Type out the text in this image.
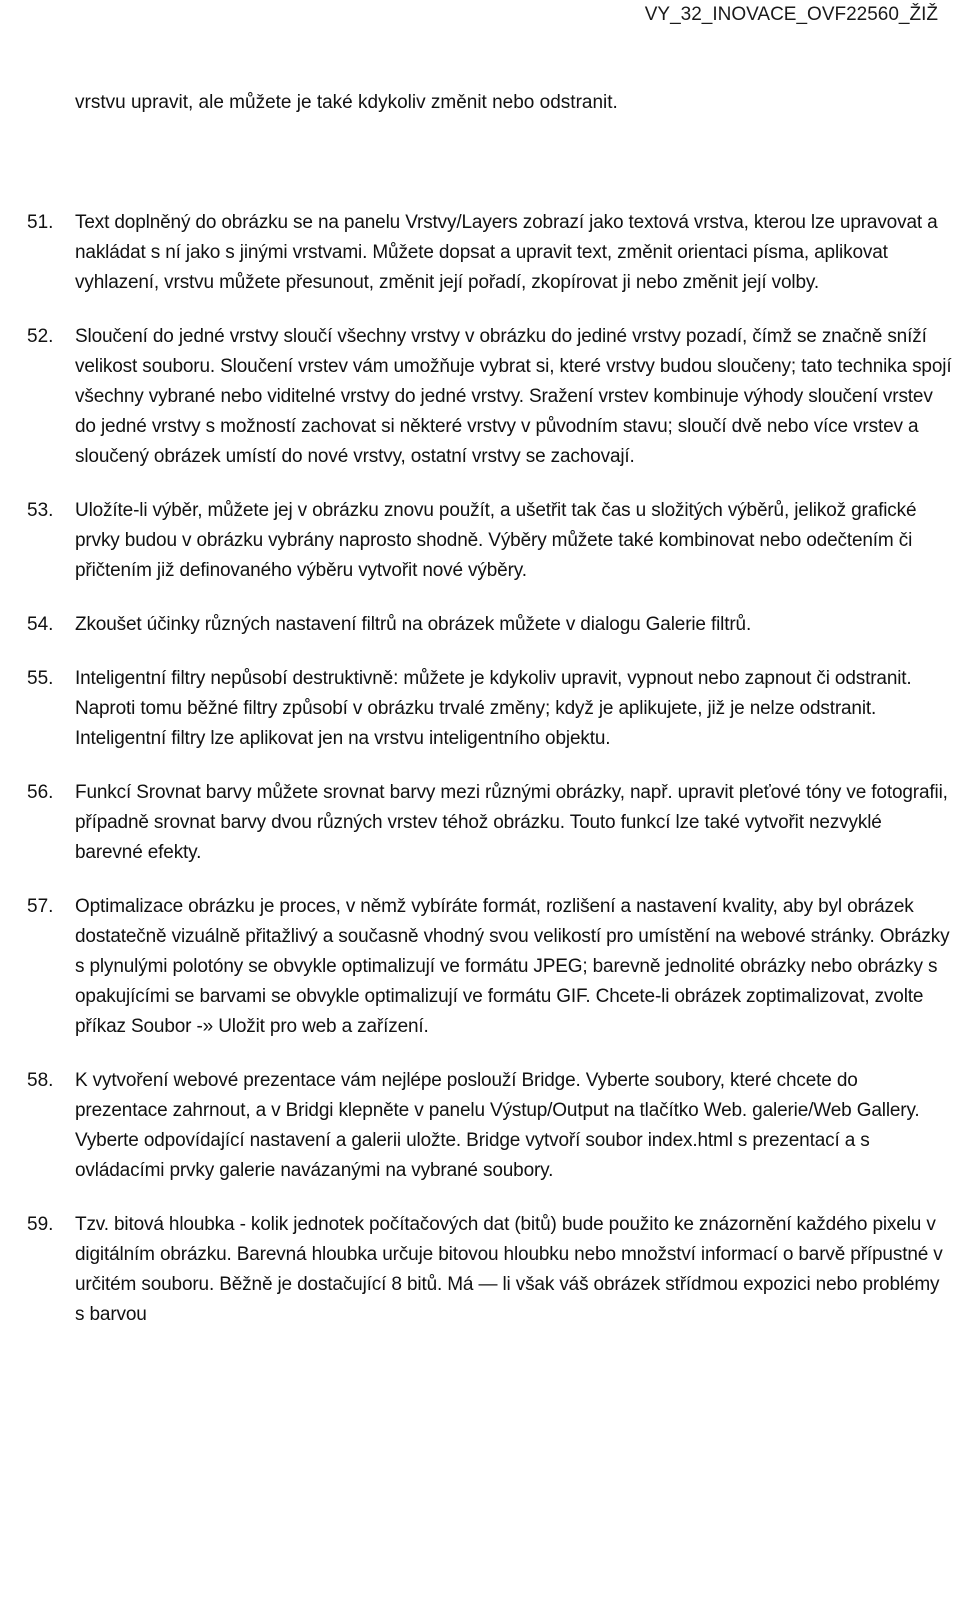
VY_32_INOVACE_OVF22560_ŽIŽ
vrstvu upravit, ale můžete je také kdykoliv změnit nebo odstranit.
51.	Text doplněný do obrázku se na panelu Vrstvy/Layers zobrazí jako textová vrstva, kterou lze upravovat a nakládat s ní jako s jinými vrstvami. Můžete dopsat a upravit text, změnit orientaci písma, aplikovat vyhlazení, vrstvu můžete přesunout, změnit její pořadí, zkopírovat ji nebo změnit její volby.
52.	Sloučení do jedné vrstvy sloučí všechny vrstvy v obrázku do jediné vrstvy pozadí, čímž se značně sníží velikost souboru. Sloučení vrstev vám umožňuje vybrat si, které vrstvy budou sloučeny; tato technika spojí všechny vybrané nebo viditelné vrstvy do jedné vrstvy. Sražení vrstev kombinuje výhody sloučení vrstev do jedné vrstvy s možností zachovat si některé vrstvy v původním stavu; sloučí dvě nebo více vrstev a sloučený obrázek umístí do nové vrstvy, ostatní vrstvy se zachovají.
53.	Uložíte-li výběr, můžete jej v obrázku znovu použít, a ušetřit tak čas u složitých výběrů, jelikož grafické prvky budou v obrázku vybrány naprosto shodně. Výběry můžete také kombinovat nebo odečtením či přičtením již definovaného výběru vytvořit nové výběry.
54.	Zkoušet účinky různých nastavení filtrů na obrázek můžete v dialogu Galerie filtrů.
55.	Inteligentní filtry nepůsobí destruktivně: můžete je kdykoliv upravit, vypnout nebo zapnout či odstranit. Naproti tomu běžné filtry způsobí v obrázku trvalé změny; když je aplikujete, již je nelze odstranit. Inteligentní filtry lze aplikovat jen na vrstvu inteligentního objektu.
56.	Funkcí Srovnat barvy můžete srovnat barvy mezi různými obrázky, např. upravit pleťové tóny ve fotografii, případně srovnat barvy dvou různých vrstev téhož obrázku. Touto funkcí lze také vytvořit nezvyklé barevné efekty.
57.	Optimalizace obrázku je proces, v němž vybíráte formát, rozlišení a nastavení kvality, aby byl obrázek dostatečně vizuálně přitažlivý a současně vhodný svou velikostí pro umístění na webové stránky. Obrázky s plynulými polotóny se obvykle optimalizují ve formátu JPEG; barevně jednolité obrázky nebo obrázky s opakujícími se barvami se obvykle optimalizují ve formátu GIF. Chcete-li obrázek zoptimalizovat, zvolte příkaz Soubor -» Uložit pro web a zařízení.
58.	K vytvoření webové prezentace vám nejlépe poslouží Bridge. Vyberte soubory, které chcete do prezentace zahrnout, a v Bridgi klepněte v panelu Výstup/Output na tlačítko Web. galerie/Web Gallery. Vyberte odpovídající nastavení a galerii uložte. Bridge vytvoří soubor index.html s prezentací a s ovládacími prvky galerie navázanými na vybrané soubory.
59.	Tzv. bitová hloubka - kolik jednotek počítačových dat (bitů) bude použito ke znázornění každého pixelu v digitálním obrázku. Barevná hloubka určuje bitovou hloubku nebo množství informací o barvě přípustné v určitém souboru. Běžně je dostačující 8 bitů. Má — li však váš obrázek střídmou expozici nebo problémy s barvou
